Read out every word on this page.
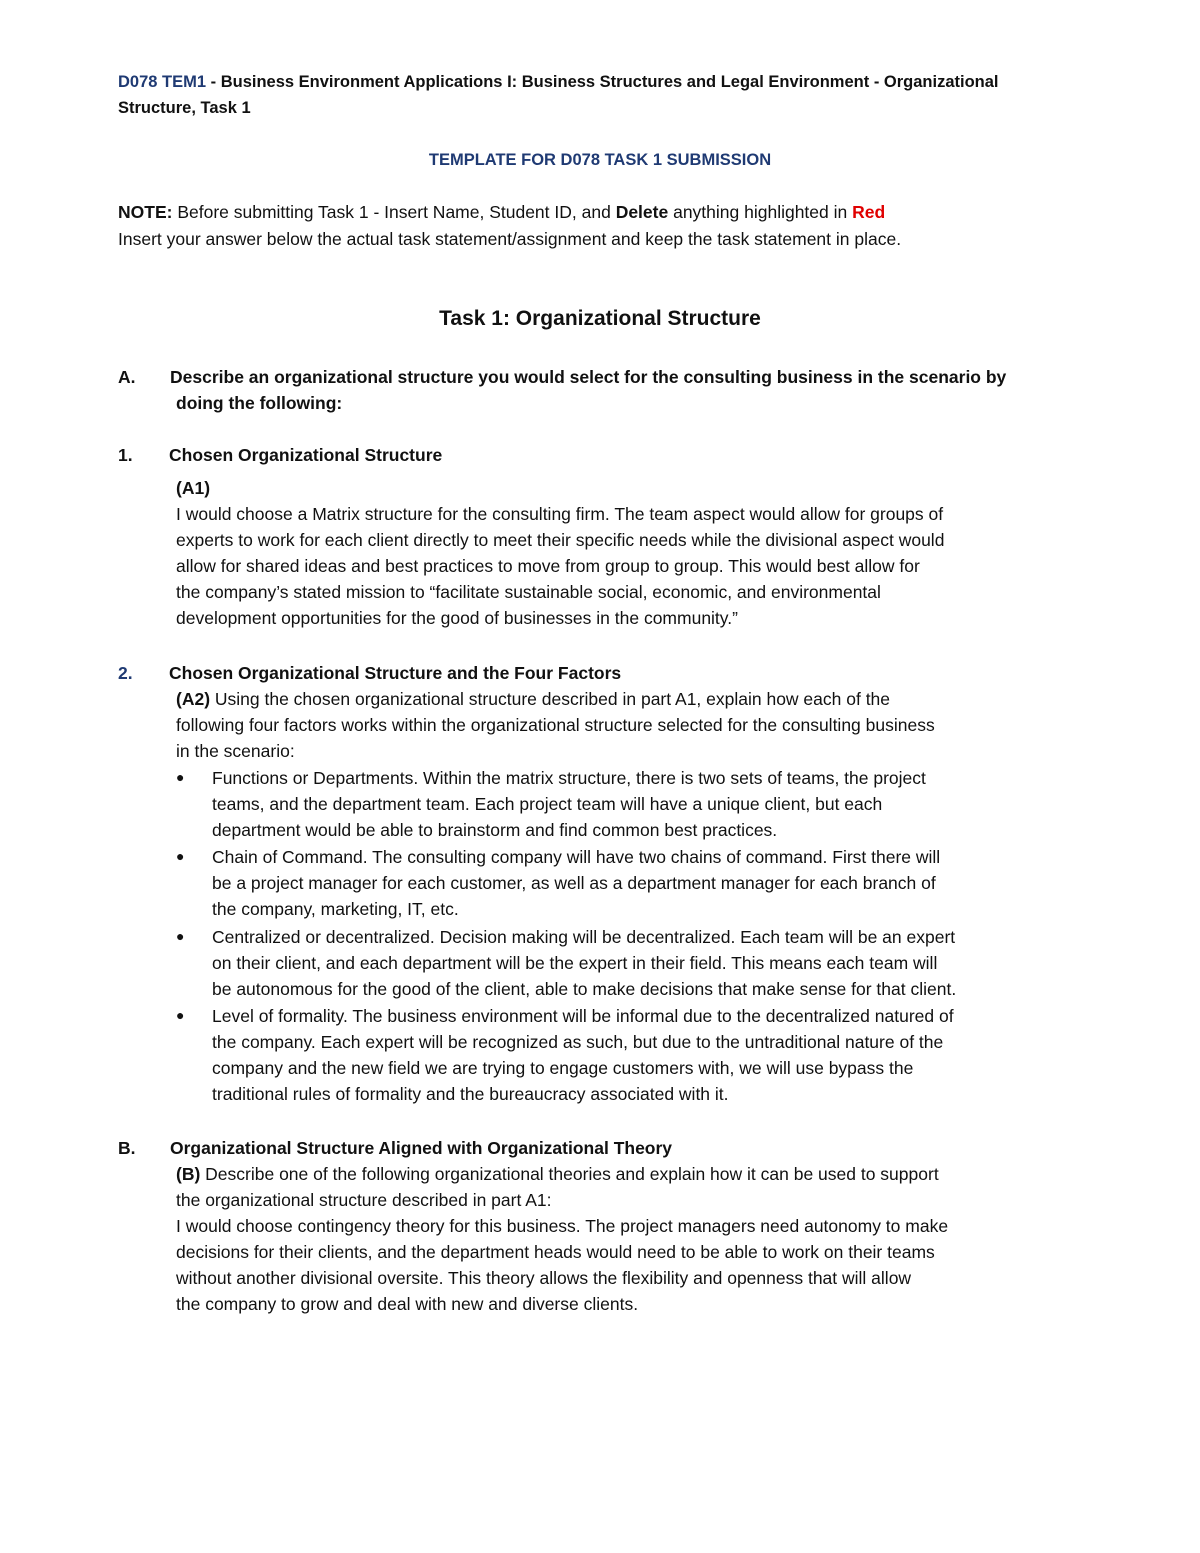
D078 TEM1 - Business Environment Applications I: Business Structures and Legal Environment - Organizational
Structure, Task 1
TEMPLATE FOR D078 TASK 1 SUBMISSION
NOTE: Before submitting Task 1 - Insert Name, Student ID, and Delete anything highlighted in Red
Insert your answer below the actual task statement/assignment and keep the task statement in place.
Task 1: Organizational Structure
A. Describe an organizational structure you would select for the consulting business in the scenario by
doing the following:
1. Chosen Organizational Structure
(A1)
I would choose a Matrix structure for the consulting firm. The team aspect would allow for groups of
experts to work for each client directly to meet their specific needs while the divisional aspect would
allow for shared ideas and best practices to move from group to group. This would best allow for
the company’s stated mission to “facilitate sustainable social, economic, and environmental
development opportunities for the good of businesses in the community.”
2. Chosen Organizational Structure and the Four Factors
(A2) Using the chosen organizational structure described in part A1, explain how each of the
following four factors works within the organizational structure selected for the consulting business
in the scenario:
● Functions or Departments. Within the matrix structure, there is two sets of teams, the project
teams, and the department team. Each project team will have a unique client, but each
department would be able to brainstorm and find common best practices.
● Chain of Command. The consulting company will have two chains of command. First there will
be a project manager for each customer, as well as a department manager for each branch of
the company, marketing, IT, etc.
● Centralized or decentralized. Decision making will be decentralized. Each team will be an expert
on their client, and each department will be the expert in their field. This means each team will
be autonomous for the good of the client, able to make decisions that make sense for that client.
● Level of formality. The business environment will be informal due to the decentralized natured of
the company. Each expert will be recognized as such, but due to the untraditional nature of the
company and the new field we are trying to engage customers with, we will use bypass the
traditional rules of formality and the bureaucracy associated with it.
B. Organizational Structure Aligned with Organizational Theory
(B) Describe one of the following organizational theories and explain how it can be used to support
the organizational structure described in part A1:
I would choose contingency theory for this business. The project managers need autonomy to make
decisions for their clients, and the department heads would need to be able to work on their teams
without another divisional oversite. This theory allows the flexibility and openness that will allow
the company to grow and deal with new and diverse clients.
